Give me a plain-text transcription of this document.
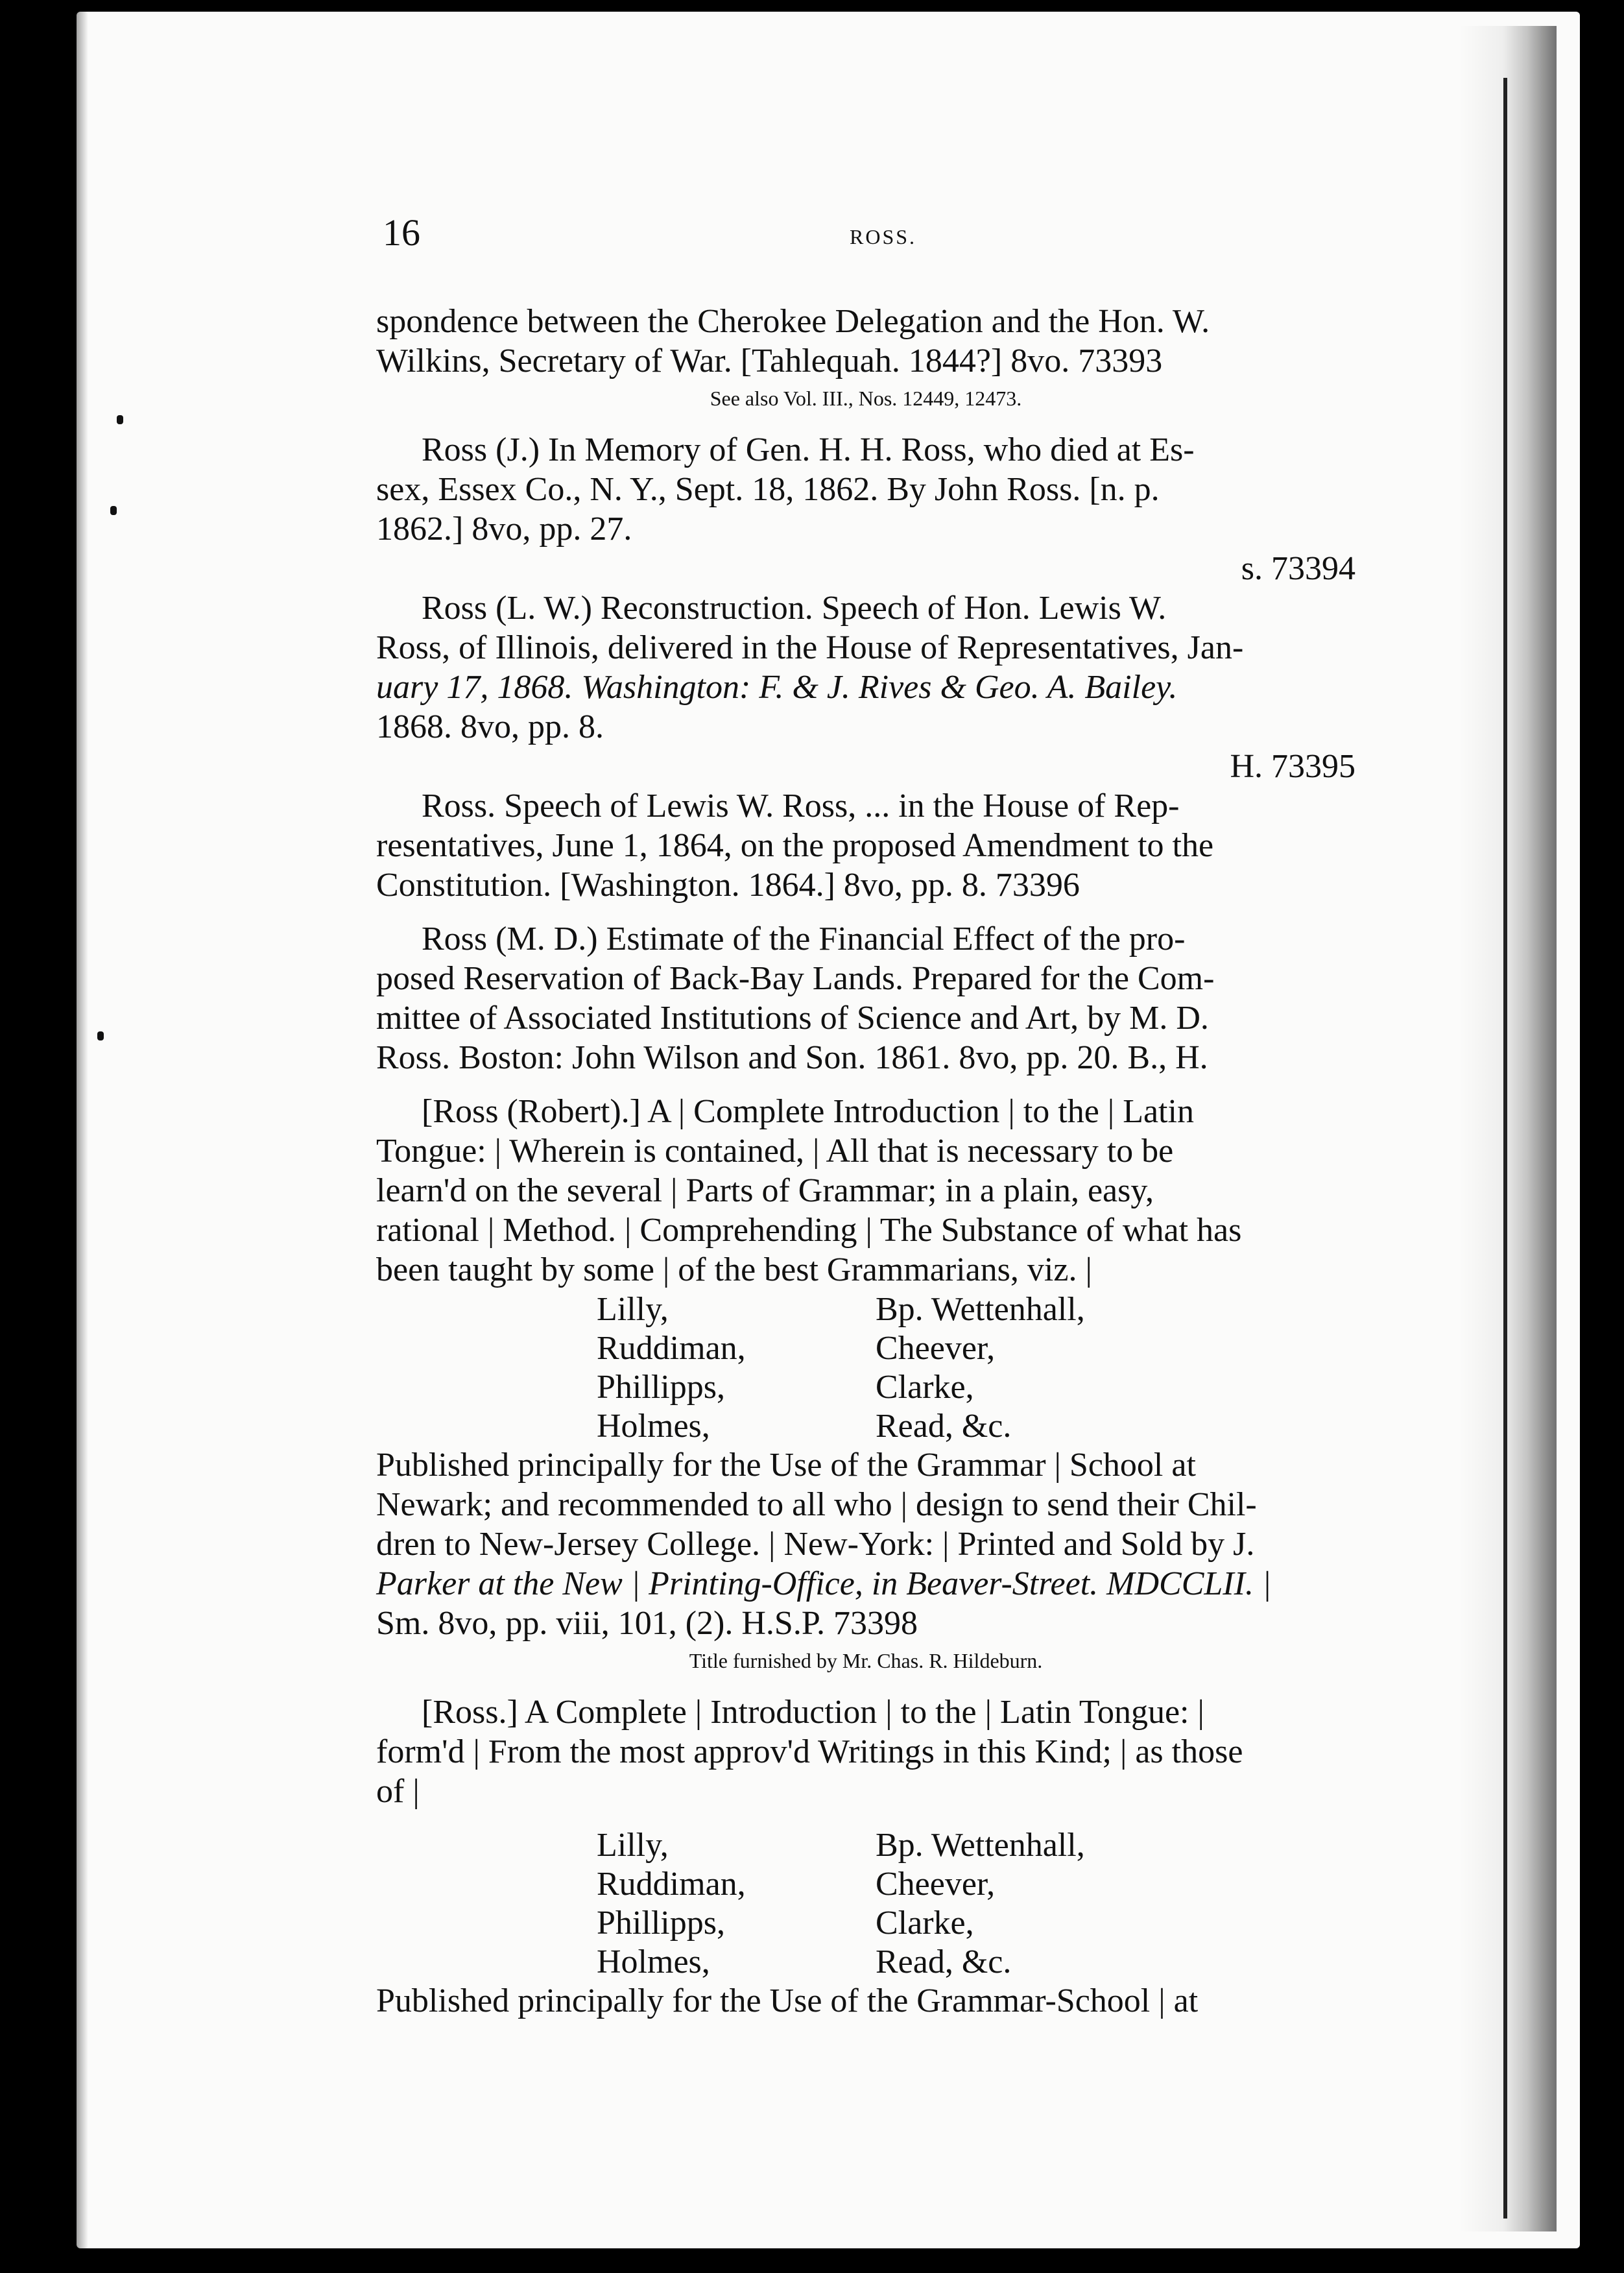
16	ROSS.
spondence between the Cherokee Delegation and the Hon. W.
Wilkins, Secretary of War. [Tahlequah. 1844?] 8vo. 73393
See also Vol. III., Nos. 12449, 12473.
Ross (J.) In Memory of Gen. H. H. Ross, who died at Es-
sex, Essex Co., N. Y., Sept. 18, 1862. By John Ross. [n. p.
1862.] 8vo, pp. 27.
s. 73394
Ross (L. W.) Reconstruction. Speech of Hon. Lewis W.
Ross, of Illinois, delivered in the House of Representatives, Jan-
uary 17, 1868. Washington: F. & J. Rives & Geo. A. Bailey.
1868. 8vo, pp. 8.
H. 73395
Ross. Speech of Lewis W. Ross, ... in the House of Rep-
resentatives, June 1, 1864, on the proposed Amendment to the
Constitution. [Washington. 1864.] 8vo, pp. 8. 73396
Ross (M. D.) Estimate of the Financial Effect of the pro-
posed Reservation of Back-Bay Lands. Prepared for the Com-
mittee of Associated Institutions of Science and Art, by M. D.
Ross. Boston: John Wilson and Son. 1861. 8vo, pp. 20. B., H.
[Ross (Robert).] A | Complete Introduction | to the | Latin
Tongue: | Wherein is contained, | All that is necessary to be
learn'd on the several | Parts of Grammar; in a plain, easy,
rational | Method. | Comprehending | The Substance of what has
been taught by some | of the best Grammarians, viz. |
Lilly,	Bp. Wettenhall,
Ruddiman,	Cheever,
Phillipps,	Clarke,
Holmes,	Read, &c.
Published principally for the Use of the Grammar | School at
Newark; and recommended to all who | design to send their Chil-
dren to New-Jersey College. | New-York: | Printed and Sold by J.
Parker at the New | Printing-Office, in Beaver-Street. MDCCLII. |
Sm. 8vo, pp. viii, 101, (2). H.S.P. 73398
Title furnished by Mr. Chas. R. Hildeburn.
[Ross.] A Complete | Introduction | to the | Latin Tongue: |
form'd | From the most approv'd Writings in this Kind; | as those
of |
Lilly,	Bp. Wettenhall,
Ruddiman,	Cheever,
Phillipps,	Clarke,
Holmes,	Read, &c.
Published principally for the Use of the Grammar-School | at
